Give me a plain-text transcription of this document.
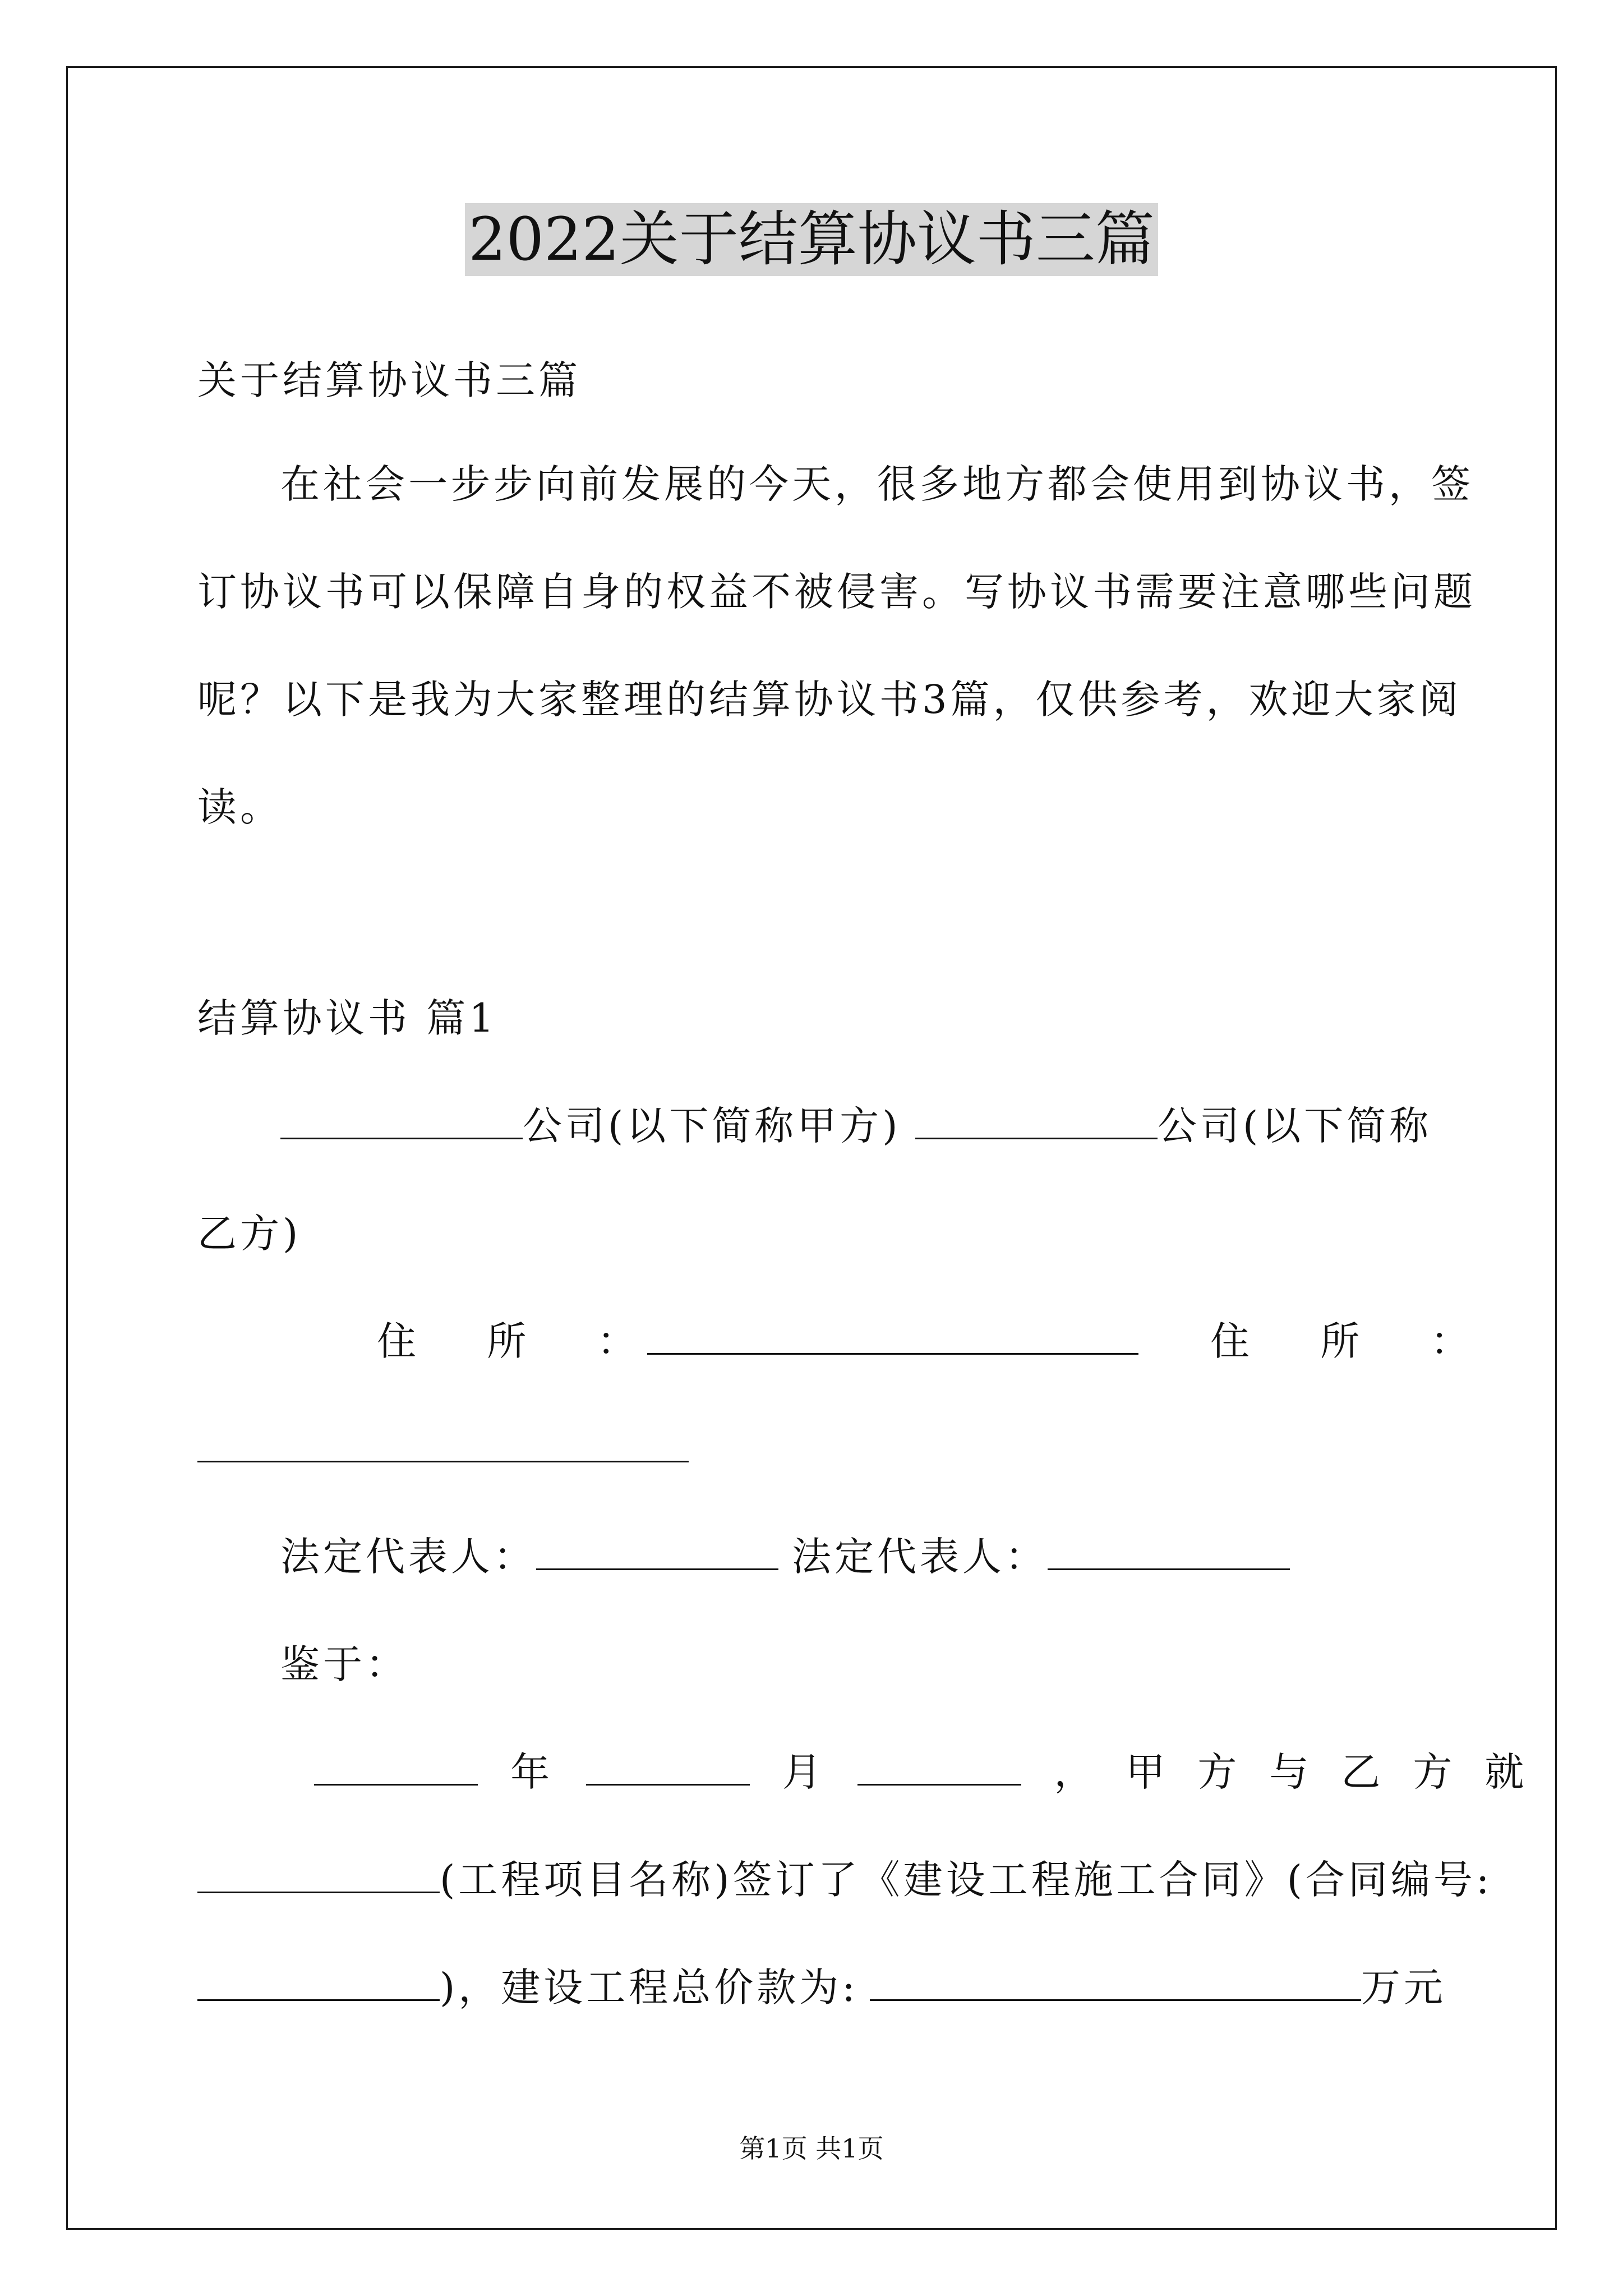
2022关于结算协议书三篇
关于结算协议书三篇
在社会一步步向前发展的今天，很多地方都会使用到协议书，签
订协议书可以保障自身的权益不被侵害。写协议书需要注意哪些问题
呢？以下是我为大家整理的结算协议书3篇，仅供参考，欢迎大家阅
读。
结算协议书 篇1
公司(以下简称甲方)	公司(以下简称
乙方)
住 所 ：	住 所 ：
法定代表人：	法定代表人：
鉴于：
年	月	，甲方与乙方就
(工程项目名称)签订了《建设工程施工合同》(合同编号:
)，建设工程总价款为:	万元
第1页 共1页
